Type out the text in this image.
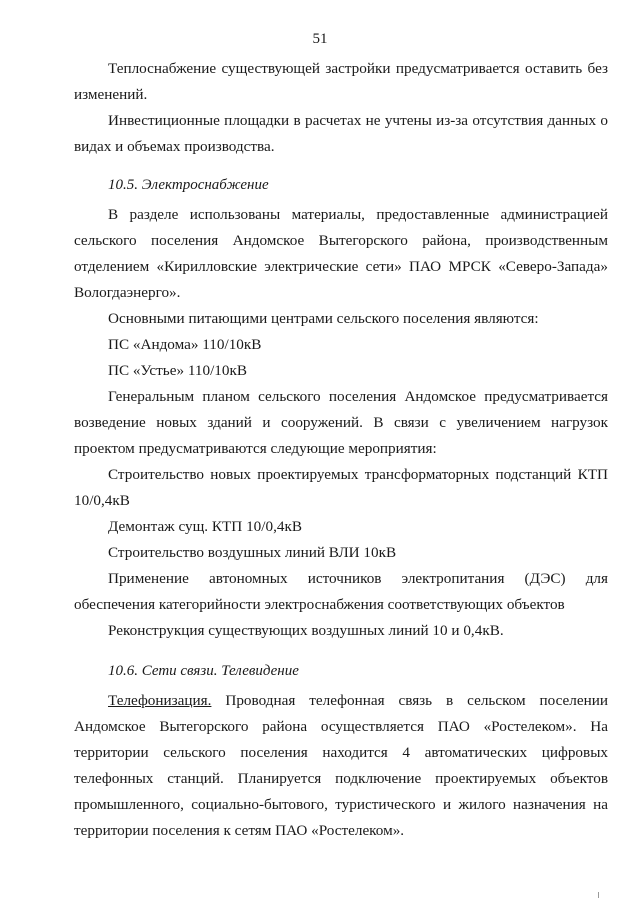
51

Теплоснабжение существующей застройки предусматривается оставить без изменений.

Инвестиционные площадки в расчетах не учтены из-за отсутствия данных о видах и объемах производства.

10.5. Электроснабжение

В разделе использованы материалы, предоставленные администрацией сельского поселения Андомское Вытегорского района, производственным отделением «Кирилловские электрические сети» ПАО МРСК «Северо-Запада» Вологдаэнерго».

Основными питающими центрами сельского поселения являются:

ПС «Андома» 110/10кВ

ПС «Устье» 110/10кВ

Генеральным планом сельского поселения Андомское предусматривается возведение новых зданий и сооружений. В связи с увеличением нагрузок проектом предусматриваются следующие мероприятия:

Строительство новых проектируемых трансформаторных подстанций КТП 10/0,4кВ

Демонтаж сущ. КТП 10/0,4кВ

Строительство воздушных линий ВЛИ 10кВ

Применение автономных источников электропитания (ДЭС) для обеспечения категорийности электроснабжения соответствующих объектов

Реконструкция существующих воздушных линий 10 и 0,4кВ.

10.6. Сети связи. Телевидение

Телефонизация. Проводная телефонная связь в сельском поселении Андомское Вытегорского района осуществляется ПАО «Ростелеком». На территории сельского поселения находится 4 автоматических цифровых телефонных станций. Планируется подключение проектируемых объектов промышленного, социально-бытового, туристического и жилого назначения на территории поселения к сетям ПАО «Ростелеком».
